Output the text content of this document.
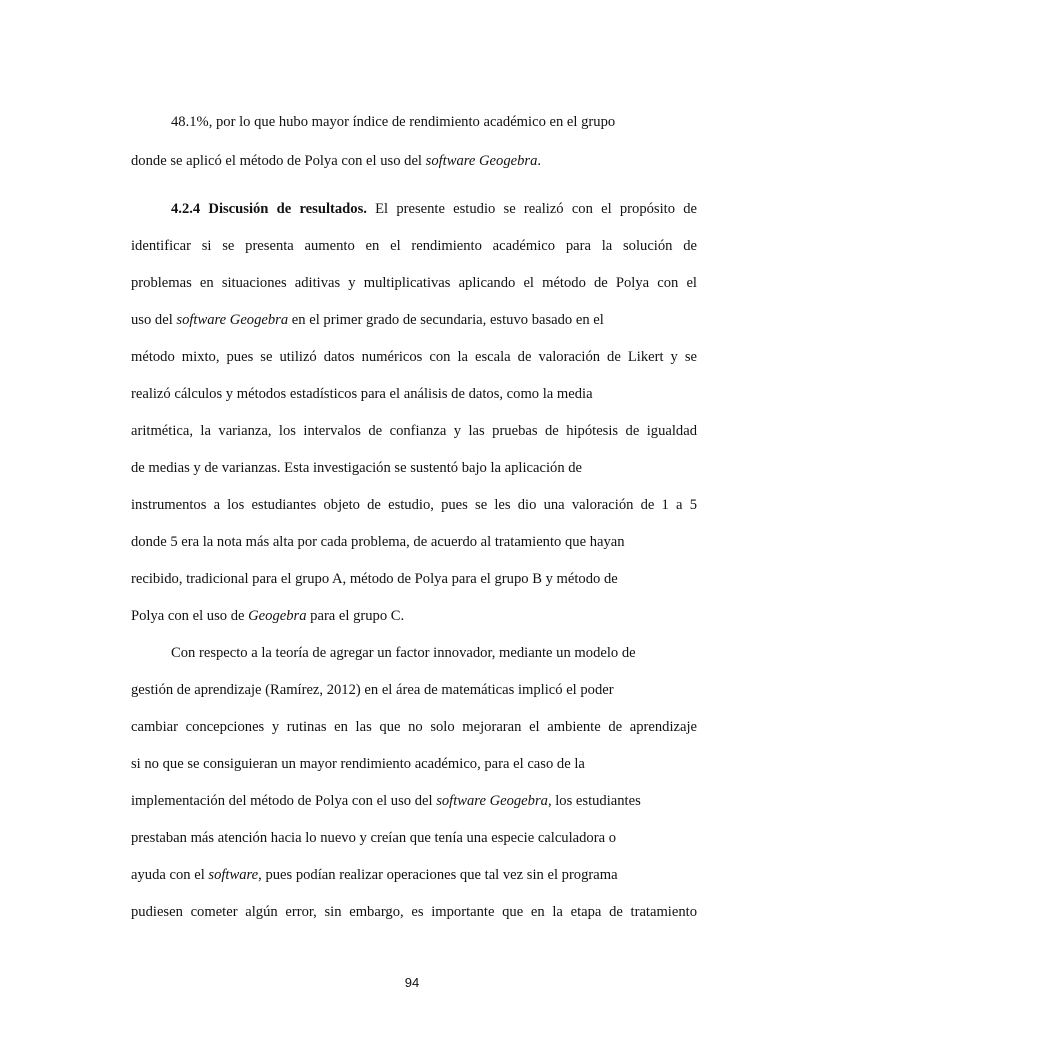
48.1%, por lo que hubo mayor índice de rendimiento académico en el grupo

donde se aplicó el método de Polya con el uso del software Geogebra.

4.2.4 Discusión de resultados. El presente estudio se realizó con el propósito de

identificar si se presenta aumento en el rendimiento académico para la solución de

problemas en situaciones aditivas y multiplicativas aplicando el método de Polya con el

uso del software Geogebra en el primer grado de secundaria, estuvo basado en el

método mixto, pues se utilizó datos numéricos con la escala de valoración de Likert y se

realizó cálculos y métodos estadísticos para el análisis de datos, como la media

aritmética, la varianza, los intervalos de confianza y las pruebas de hipótesis de igualdad

de medias y de varianzas. Esta investigación se sustentó bajo la aplicación de

instrumentos a los estudiantes objeto de estudio, pues se les dio una valoración de 1 a 5

donde 5 era la nota más alta por cada problema, de acuerdo al tratamiento que hayan

recibido, tradicional para el grupo A, método de Polya para el grupo B y método de

Polya con el uso de Geogebra para el grupo C.

Con respecto a la teoría de agregar un factor innovador, mediante un modelo de

gestión de aprendizaje (Ramírez, 2012) en el área de matemáticas implicó el poder

cambiar concepciones y rutinas en las que no solo mejoraran el ambiente de aprendizaje

si no que se consiguieran un mayor rendimiento académico, para el caso de la

implementación del método de Polya con el uso del software Geogebra, los estudiantes

prestaban más atención hacia lo nuevo y creían que tenía una especie calculadora o

ayuda con el software, pues podían realizar operaciones que tal vez sin el programa

pudiesen cometer algún error, sin embargo, es importante que en la etapa de tratamiento

94
